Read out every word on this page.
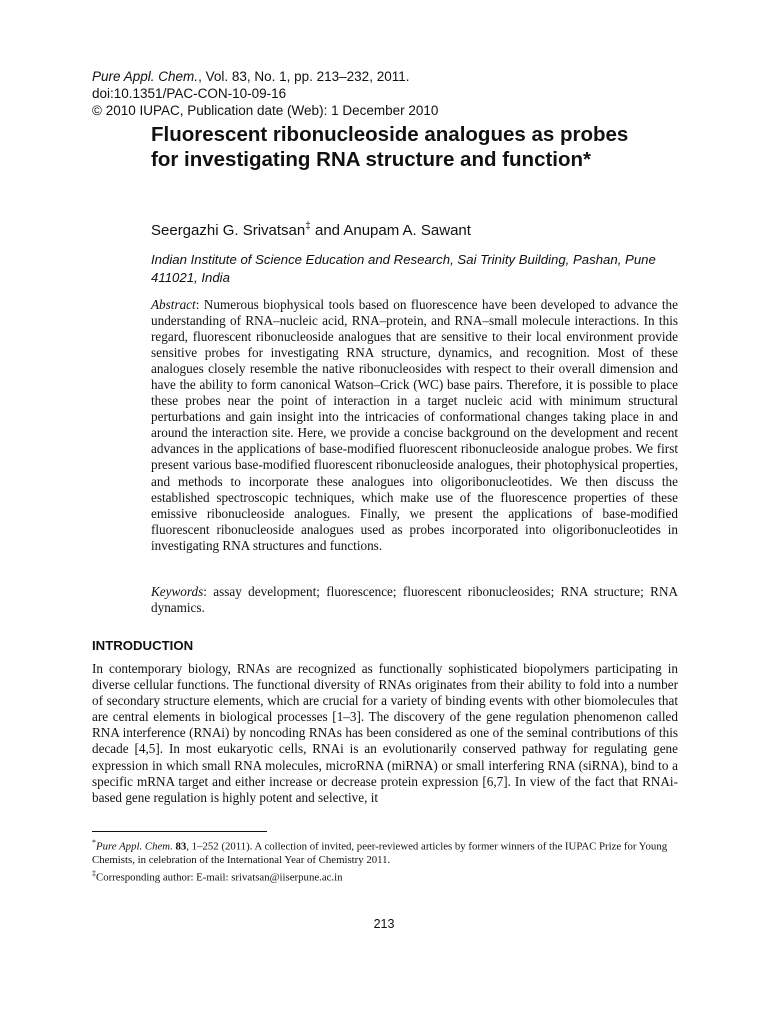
Pure Appl. Chem., Vol. 83, No. 1, pp. 213–232, 2011.
doi:10.1351/PAC-CON-10-09-16
© 2010 IUPAC, Publication date (Web): 1 December 2010
Fluorescent ribonucleoside analogues as probes for investigating RNA structure and function*
Seergazhi G. Srivatsan‡ and Anupam A. Sawant
Indian Institute of Science Education and Research, Sai Trinity Building, Pashan, Pune 411021, India

Abstract: Numerous biophysical tools based on fluorescence have been developed to advance the understanding of RNA–nucleic acid, RNA–protein, and RNA–small molecule interactions. In this regard, fluorescent ribonucleoside analogues that are sensitive to their local environment provide sensitive probes for investigating RNA structure, dynamics, and recognition. Most of these analogues closely resemble the native ribonucleosides with respect to their overall dimension and have the ability to form canonical Watson–Crick (WC) base pairs. Therefore, it is possible to place these probes near the point of interaction in a target nucleic acid with minimum structural perturbations and gain insight into the intricacies of conformational changes taking place in and around the interaction site. Here, we provide a concise background on the development and recent advances in the applications of base-modified fluorescent ribonucleoside analogue probes. We first present various base-modified fluorescent ribonucleoside analogues, their photophysical properties, and methods to incorporate these analogues into oligoribonucleotides. We then discuss the established spectroscopic techniques, which make use of the fluorescence properties of these emissive ribonucleoside analogues. Finally, we present the applications of base-modified fluorescent ribonucleoside analogues used as probes incorporated into oligoribonucleotides in investigating RNA structures and functions.

Keywords: assay development; fluorescence; fluorescent ribonucleosides; RNA structure; RNA dynamics.

INTRODUCTION

In contemporary biology, RNAs are recognized as functionally sophisticated biopolymers participating in diverse cellular functions. The functional diversity of RNAs originates from their ability to fold into a number of secondary structure elements, which are crucial for a variety of binding events with other biomolecules that are central elements in biological processes [1–3]. The discovery of the gene regulation phenomenon called RNA interference (RNAi) by noncoding RNAs has been considered as one of the seminal contributions of this decade [4,5]. In most eukaryotic cells, RNAi is an evolutionarily conserved pathway for regulating gene expression in which small RNA molecules, microRNA (miRNA) or small interfering RNA (siRNA), bind to a specific mRNA target and either increase or decrease protein expression [6,7]. In view of the fact that RNAi-based gene regulation is highly potent and selective, it

*Pure Appl. Chem. 83, 1–252 (2011). A collection of invited, peer-reviewed articles by former winners of the IUPAC Prize for Young Chemists, in celebration of the International Year of Chemistry 2011.

‡Corresponding author: E-mail: srivatsan@iiserpune.ac.in

213
